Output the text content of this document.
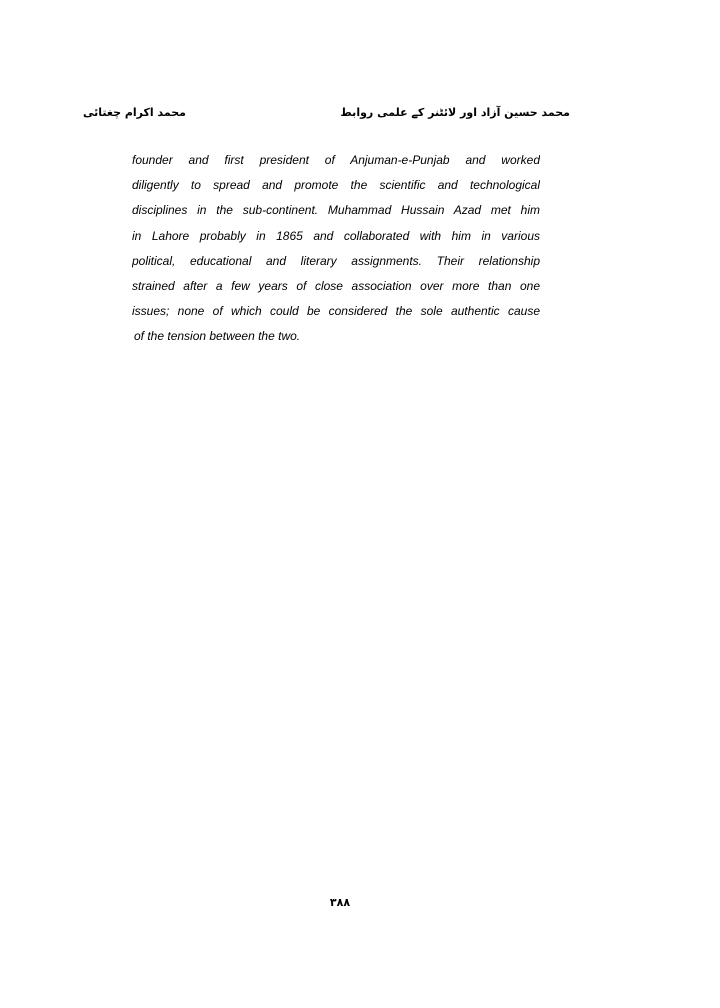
محمد اکرام چغتائی	محمد حسین آزاد اور لائٹنر کے علمی روابط
founder and first president of Anjuman-e-Punjab and worked
diligently to spread and promote the scientific and technological
disciplines in the sub-continent. Muhammad Hussain Azad met him
in Lahore probably in 1865 and collaborated with him in various
political, educational and literary assignments. Their relationship
strained after a few years of close association over more than one
issues; none of which could be considered the sole authentic cause
of the tension between the two.
۳۸۸
